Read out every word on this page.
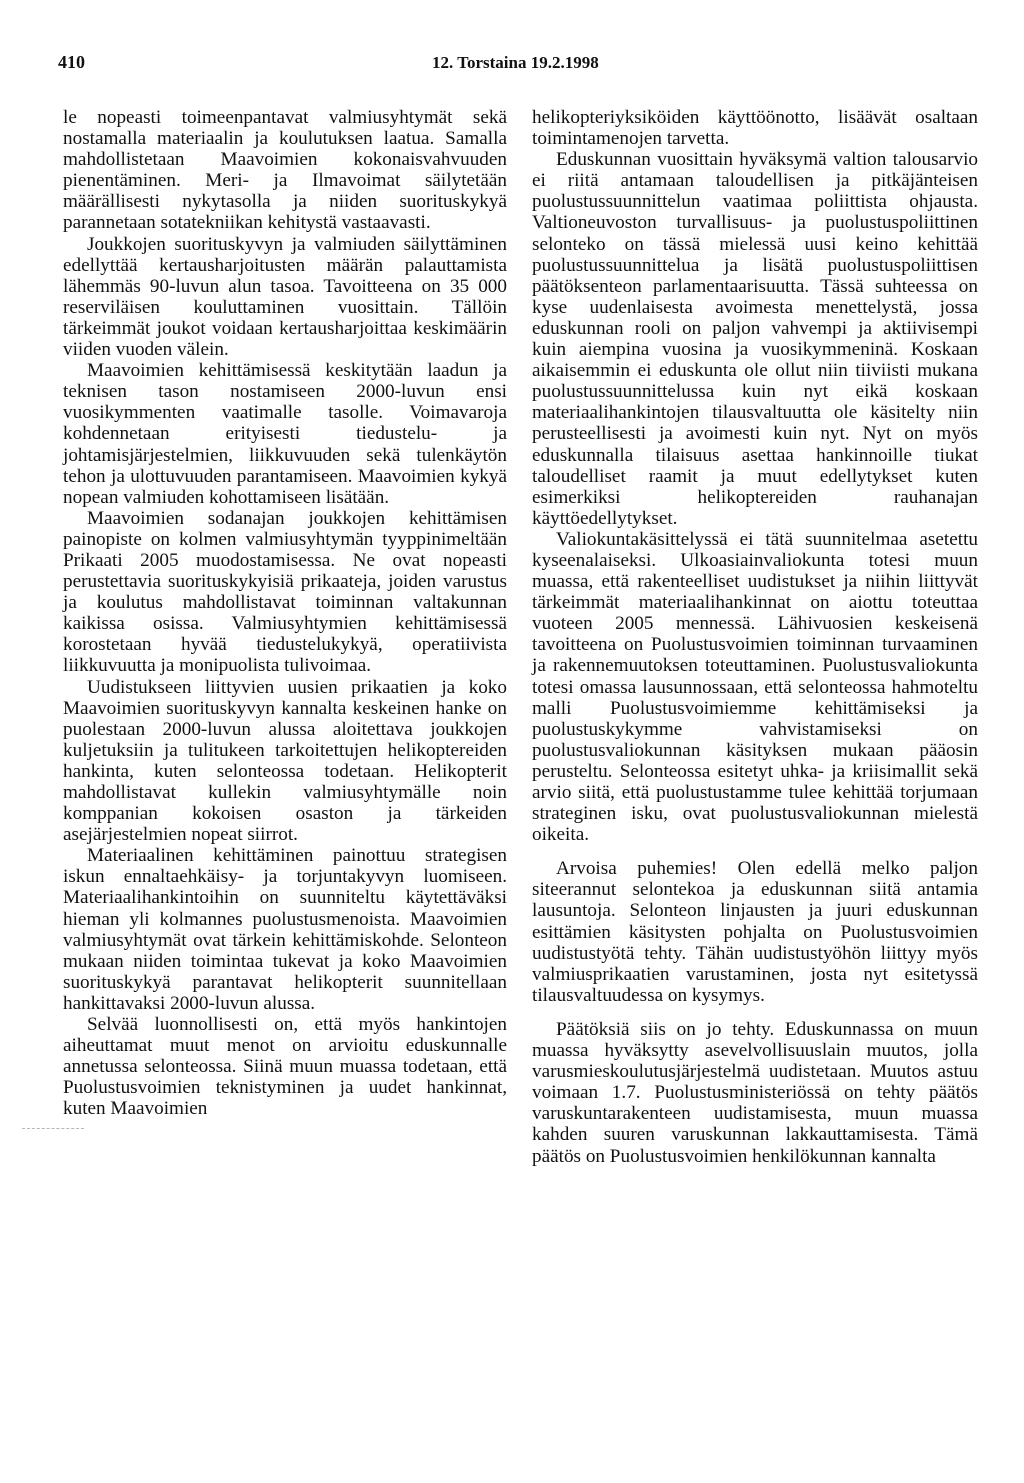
410	12. Torstaina 19.2.1998

le nopeasti toimeenpantavat valmiusyhtymät sekä nostamalla materiaalin ja koulutuksen laatua. Samalla mahdollistetaan Maavoimien kokonaisvahvuuden pienentäminen. Meri- ja Ilmavoimat säilytetään määrällisesti nykytasolla ja niiden suorituskykyä parannetaan sotatekniikan kehitystä vastaavasti.

Joukkojen suorituskyvyn ja valmiuden säilyttäminen edellyttää kertausharjoitusten määrän palauttamista lähemmäs 90-luvun alun tasoa. Tavoitteena on 35 000 reserviläisen kouluttaminen vuosittain. Tällöin tärkeimmät joukot voidaan kertausharjoittaa keskimäärin viiden vuoden välein.

Maavoimien kehittämisessä keskitytään laadun ja teknisen tason nostamiseen 2000-luvun ensi vuosikymmenten vaatimalle tasolle. Voimavaroja kohdennetaan erityisesti tiedustelu- ja johtamisjärjestelmien, liikkuvuuden sekä tulenkäytön tehon ja ulottuvuuden parantamiseen. Maavoimien kykyä nopean valmiuden kohottamiseen lisätään.

Maavoimien sodanajan joukkojen kehittämisen painopiste on kolmen valmiusyhtymän tyyppinimeltään Prikaati 2005 muodostamisessa. Ne ovat nopeasti perustettavia suorituskykyisiä prikaateja, joiden varustus ja koulutus mahdollistavat toiminnan valtakunnan kaikissa osissa. Valmiusyhtymien kehittämisessä korostetaan hyvää tiedustelukykyä, operatiivista liikkuvuutta ja monipuolista tulivoimaa.

Uudistukseen liittyvien uusien prikaatien ja koko Maavoimien suorituskyvyn kannalta keskeinen hanke on puolestaan 2000-luvun alussa aloitettava joukkojen kuljetuksiin ja tulitukeen tarkoitettujen helikoptereiden hankinta, kuten selonteossa todetaan. Helikopterit mahdollistavat kullekin valmiusyhtymälle noin komppanian kokoisen osaston ja tärkeiden asejärjestelmien nopeat siirrot.

Materiaalinen kehittäminen painottuu strategisen iskun ennaltaehkäisy- ja torjuntakyvyn luomiseen. Materiaalihankintoihin on suunniteltu käytettäväksi hieman yli kolmannes puolustusmenoista. Maavoimien valmiusyhtymät ovat tärkein kehittämiskohde. Selonteon mukaan niiden toimintaa tukevat ja koko Maavoimien suorituskykyä parantavat helikopterit suunnitellaan hankittavaksi 2000-luvun alussa.

Selvää luonnollisesti on, että myös hankintojen aiheuttamat muut menot on arvioitu eduskunnalle annetussa selonteossa. Siinä muun muassa todetaan, että Puolustusvoimien teknistyminen ja uudet hankinnat, kuten Maavoimien

helikopteriyksiköiden käyttöönotto, lisäävät osaltaan toimintamenojen tarvetta.

Eduskunnan vuosittain hyväksymä valtion talousarvio ei riitä antamaan taloudellisen ja pitkäjänteisen puolustussuunnittelun vaatimaa poliittista ohjausta. Valtioneuvoston turvallisuus- ja puolustuspoliittinen selonteko on tässä mielessä uusi keino kehittää puolustussuunnittelua ja lisätä puolustuspoliittisen päätöksenteon parlamentaarisuutta. Tässä suhteessa on kyse uudenlaisesta avoimesta menettelystä, jossa eduskunnan rooli on paljon vahvempi ja aktiivisempi kuin aiempina vuosina ja vuosikymmeninä. Koskaan aikaisemmin ei eduskunta ole ollut niin tiiviisti mukana puolustussuunnittelussa kuin nyt eikä koskaan materiaalihankintojen tilausvaltuutta ole käsitelty niin perusteellisesti ja avoimesti kuin nyt. Nyt on myös eduskunnalla tilaisuus asettaa hankinnoille tiukat taloudelliset raamit ja muut edellytykset kuten esimerkiksi helikoptereiden rauhanajan käyttöedellytykset.

Valiokuntakäsittelyssä ei tätä suunnitelmaa asetettu kyseenalaiseksi. Ulkoasiainvaliokunta totesi muun muassa, että rakenteelliset uudistukset ja niihin liittyvät tärkeimmät materiaalihankinnat on aiottu toteuttaa vuoteen 2005 mennessä. Lähivuosien keskeisenä tavoitteena on Puolustusvoimien toiminnan turvaaminen ja rakennemuutoksen toteuttaminen. Puolustusvaliokunta totesi omassa lausunnossaan, että selonteossa hahmoteltu malli Puolustusvoimiemme kehittämiseksi ja puolustuskykymme vahvistamiseksi on puolustusvaliokunnan käsityksen mukaan pääosin perusteltu. Selonteossa esitetyt uhka- ja kriisimallit sekä arvio siitä, että puolustustamme tulee kehittää torjumaan strateginen isku, ovat puolustusvaliokunnan mielestä oikeita.

Arvoisa puhemies! Olen edellä melko paljon siteerannut selontekoa ja eduskunnan siitä antamia lausuntoja. Selonteon linjausten ja juuri eduskunnan esittämien käsitysten pohjalta on Puolustusvoimien uudistustyötä tehty. Tähän uudistustyöhön liittyy myös valmiusprikaatien varustaminen, josta nyt esitetyssä tilausvaltuudessa on kysymys.

Päätöksiä siis on jo tehty. Eduskunnassa on muun muassa hyväksytty asevelvollisuuslain muutos, jolla varusmieskoulutusjärjestelmä uudistetaan. Muutos astuu voimaan 1.7. Puolustusministeriössä on tehty päätös varuskuntarakenteen uudistamisesta, muun muassa kahden suuren varuskunnan lakkauttamisesta. Tämä päätös on Puolustusvoimien henkilökunnan kannalta
